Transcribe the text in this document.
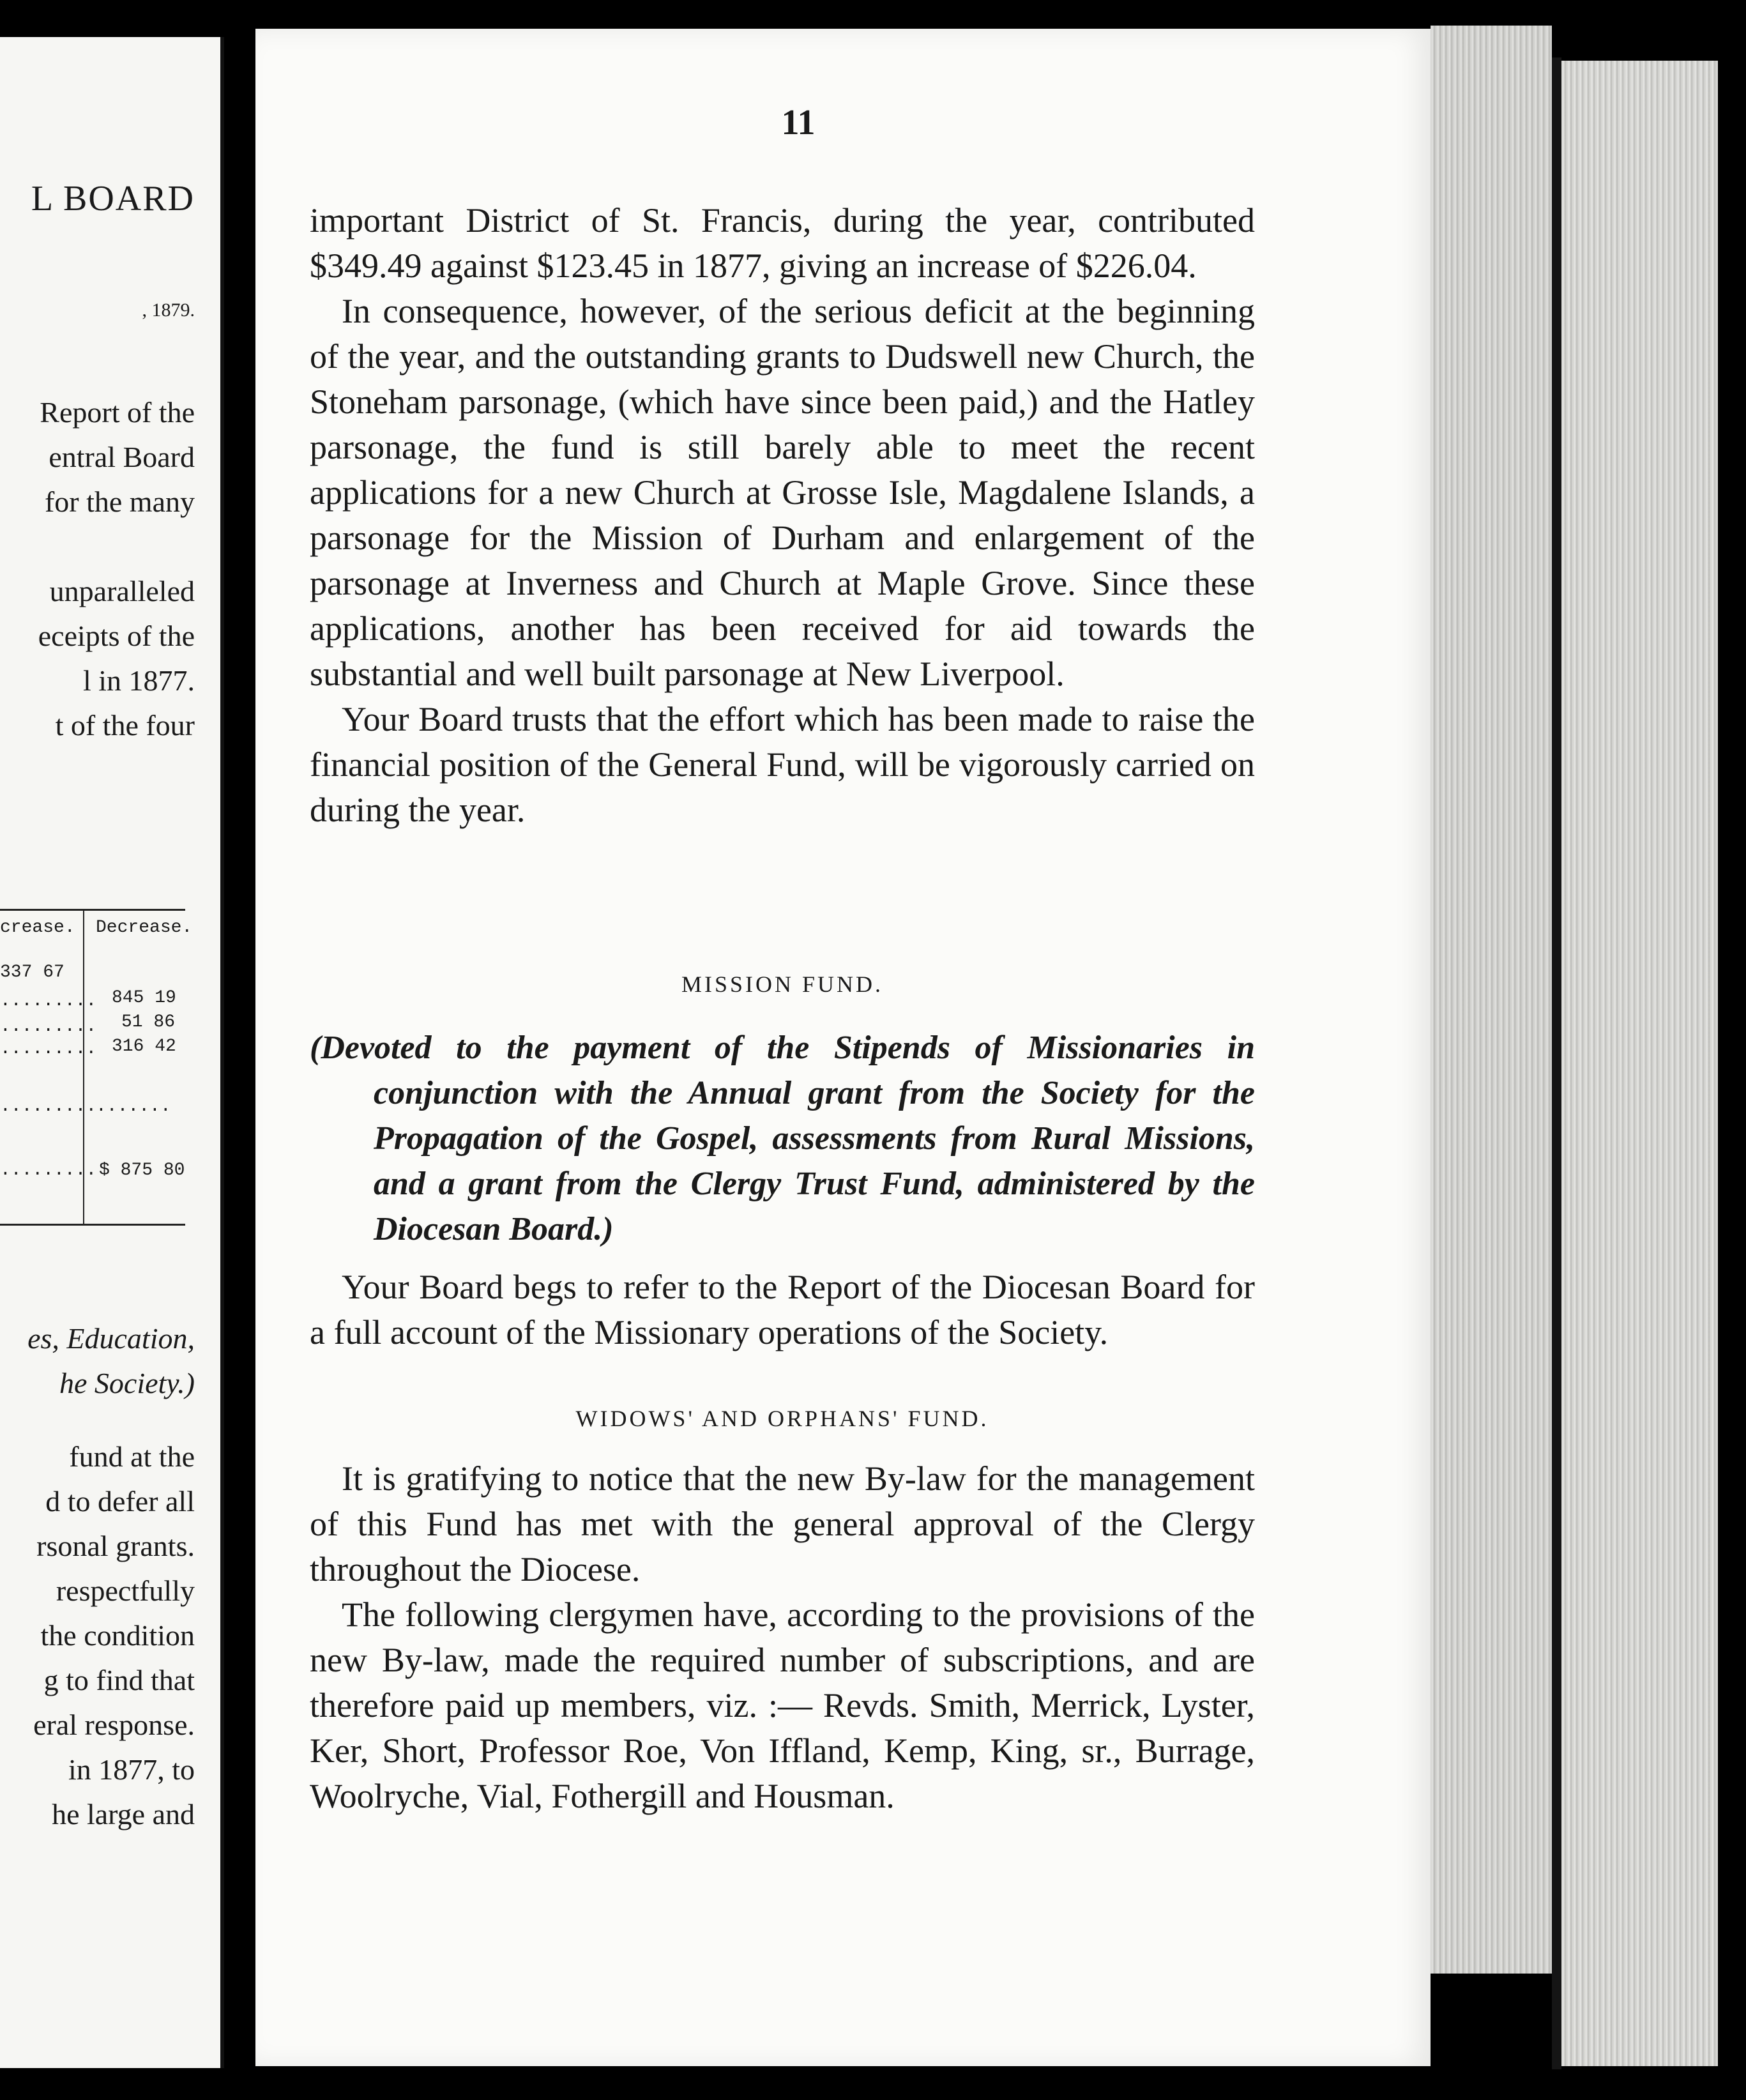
L BOARD
, 1879.
Report of the
entral Board
for the many
unparalleled
eceipts of the
l in 1877.
t of the four
crease. Decrease.
337 67
.........
.........
.........
845 19
51 86
316 42
.........
.......
......... $ 875 80
es, Education,
he Society.)
fund at the
d to defer all
rsonal grants.
respectfully
the condition
g to find that
eral response.
in 1877, to
he large and
11

important District of St. Francis, during the year, contributed $349.49 against $123.45 in 1877, giving an increase of $226.04.

In consequence, however, of the serious deficit at the beginning of the year, and the outstanding grants to Dudswell new Church, the Stoneham parsonage, (which have since been paid,) and the Hatley parsonage, the fund is still barely able to meet the recent applications for a new Church at Grosse Isle, Magdalene Islands, a parsonage for the Mission of Durham and enlargement of the parsonage at Inverness and Church at Maple Grove. Since these applications, another has been received for aid towards the substantial and well built parsonage at New Liverpool.

Your Board trusts that the effort which has been made to raise the financial position of the General Fund, will be vigorously carried on during the year.

MISSION FUND.

(Devoted to the payment of the Stipends of Missionaries in conjunction with the Annual grant from the Society for the Propagation of the Gospel, assessments from Rural Missions, and a grant from the Clergy Trust Fund, administered by the Diocesan Board.)

Your Board begs to refer to the Report of the Diocesan Board for a full account of the Missionary operations of the Society.

WIDOWS' AND ORPHANS' FUND.

It is gratifying to notice that the new By-law for the management of this Fund has met with the general approval of the Clergy throughout the Diocese.

The following clergymen have, according to the provisions of the new By-law, made the required number of subscriptions, and are therefore paid up members, viz. :— Revds. Smith, Merrick, Lyster, Ker, Short, Professor Roe, Von Iffland, Kemp, King, sr., Burrage, Woolryche, Vial, Fothergill and Housman.
